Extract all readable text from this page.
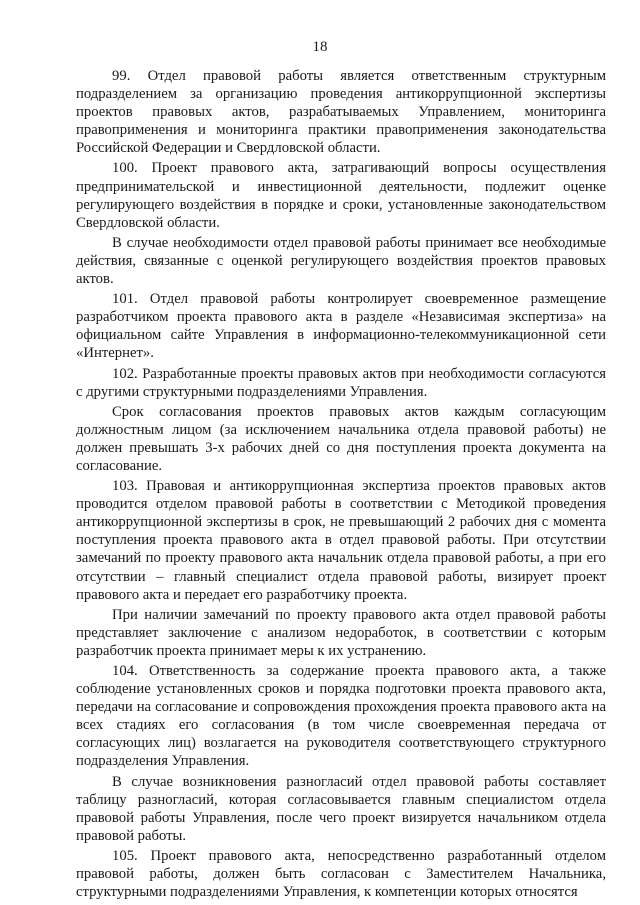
18

99. Отдел правовой работы является ответственным структурным подразделением за организацию проведения антикоррупционной экспертизы проектов правовых актов, разрабатываемых Управлением, мониторинга правоприменения и мониторинга практики правоприменения законодательства Российской Федерации и Свердловской области.

100. Проект правового акта, затрагивающий вопросы осуществления предпринимательской и инвестиционной деятельности, подлежит оценке регулирующего воздействия в порядке и сроки, установленные законодательством Свердловской области.

В случае необходимости отдел правовой работы принимает все необходимые действия, связанные с оценкой регулирующего воздействия проектов правовых актов.

101. Отдел правовой работы контролирует своевременное размещение разработчиком проекта правового акта в разделе «Независимая экспертиза» на официальном сайте Управления в информационно-телекоммуникационной сети «Интернет».

102. Разработанные проекты правовых актов при необходимости согласуются с другими структурными подразделениями Управления.

Срок согласования проектов правовых актов каждым согласующим должностным лицом (за исключением начальника отдела правовой работы) не должен превышать 3-х рабочих дней со дня поступления проекта документа на согласование.

103. Правовая и антикоррупционная экспертиза проектов правовых актов проводится отделом правовой работы в соответствии с Методикой проведения антикоррупционной экспертизы в срок, не превышающий 2 рабочих дня с момента поступления проекта правового акта в отдел правовой работы. При отсутствии замечаний по проекту правового акта начальник отдела правовой работы, а при его отсутствии – главный специалист отдела правовой работы, визирует проект правового акта и передает его разработчику проекта.

При наличии замечаний по проекту правового акта отдел правовой работы представляет заключение с анализом недоработок, в соответствии с которым разработчик проекта принимает меры к их устранению.

104. Ответственность за содержание проекта правового акта, а также соблюдение установленных сроков и порядка подготовки проекта правового акта, передачи на согласование и сопровождения прохождения проекта правового акта на всех стадиях его согласования (в том числе своевременная передача от согласующих лиц) возлагается на руководителя соответствующего структурного подразделения Управления.

В случае возникновения разногласий отдел правовой работы составляет таблицу разногласий, которая согласовывается главным специалистом отдела правовой работы Управления, после чего проект визируется начальником отдела правовой работы.

105. Проект правового акта, непосредственно разработанный отделом правовой работы, должен быть согласован с Заместителем Начальника, структурными подразделениями Управления, к компетенции которых относятся
